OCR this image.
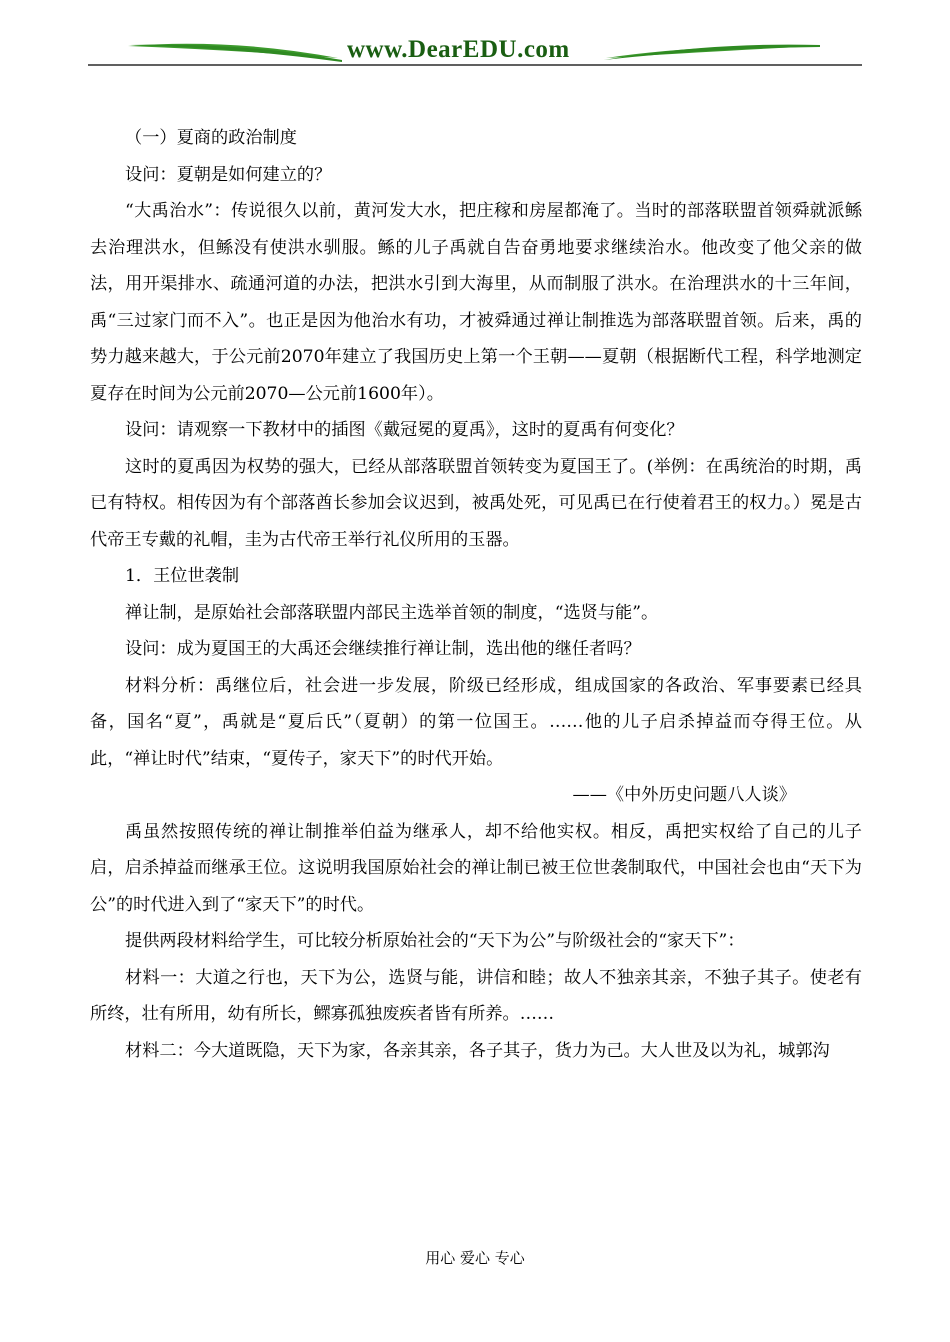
www.DearEDU.com

（一）夏商的政治制度

设问：夏朝是如何建立的？

“大禹治水”：传说很久以前，黄河发大水，把庄稼和房屋都淹了。当时的部落联盟首领舜就派鲧去治理洪水，但鲧没有使洪水驯服。鲧的儿子禹就自告奋勇地要求继续治水。他改变了他父亲的做法，用开渠排水、疏通河道的办法，把洪水引到大海里，从而制服了洪水。在治理洪水的十三年间，禹“三过家门而不入”。也正是因为他治水有功，才被舜通过禅让制推选为部落联盟首领。后来，禹的势力越来越大，于公元前2070年建立了我国历史上第一个王朝——夏朝（根据断代工程，科学地测定夏存在时间为公元前2070—公元前1600年）。

设问：请观察一下教材中的插图《戴冠冕的夏禹》，这时的夏禹有何变化？

这时的夏禹因为权势的强大，已经从部落联盟首领转变为夏国王了。(举例：在禹统治的时期，禹已有特权。相传因为有个部落酋长参加会议迟到，被禹处死，可见禹已在行使着君王的权力。）冕是古代帝王专戴的礼帽，圭为古代帝王举行礼仪所用的玉器。

1．王位世袭制

禅让制，是原始社会部落联盟内部民主选举首领的制度，“选贤与能”。

设问：成为夏国王的大禹还会继续推行禅让制，选出他的继任者吗？

材料分析：禹继位后，社会进一步发展，阶级已经形成，组成国家的各政治、军事要素已经具备，国名“夏”，禹就是“夏后氏”（夏朝）的第一位国王。……他的儿子启杀掉益而夺得王位。从此，“禅让时代”结束，“夏传子，家天下”的时代开始。

——《中外历史问题八人谈》

禹虽然按照传统的禅让制推举伯益为继承人，却不给他实权。相反，禹把实权给了自己的儿子启，启杀掉益而继承王位。这说明我国原始社会的禅让制已被王位世袭制取代，中国社会也由“天下为公”的时代进入到了“家天下”的时代。

提供两段材料给学生，可比较分析原始社会的“天下为公”与阶级社会的“家天下”：

材料一：大道之行也，天下为公，选贤与能，讲信和睦；故人不独亲其亲，不独子其子。使老有所终，壮有所用，幼有所长，鳏寡孤独废疾者皆有所养。……

材料二：今大道既隐，天下为家，各亲其亲，各子其子，货力为己。大人世及以为礼，城郭沟

用心 爱心 专心
